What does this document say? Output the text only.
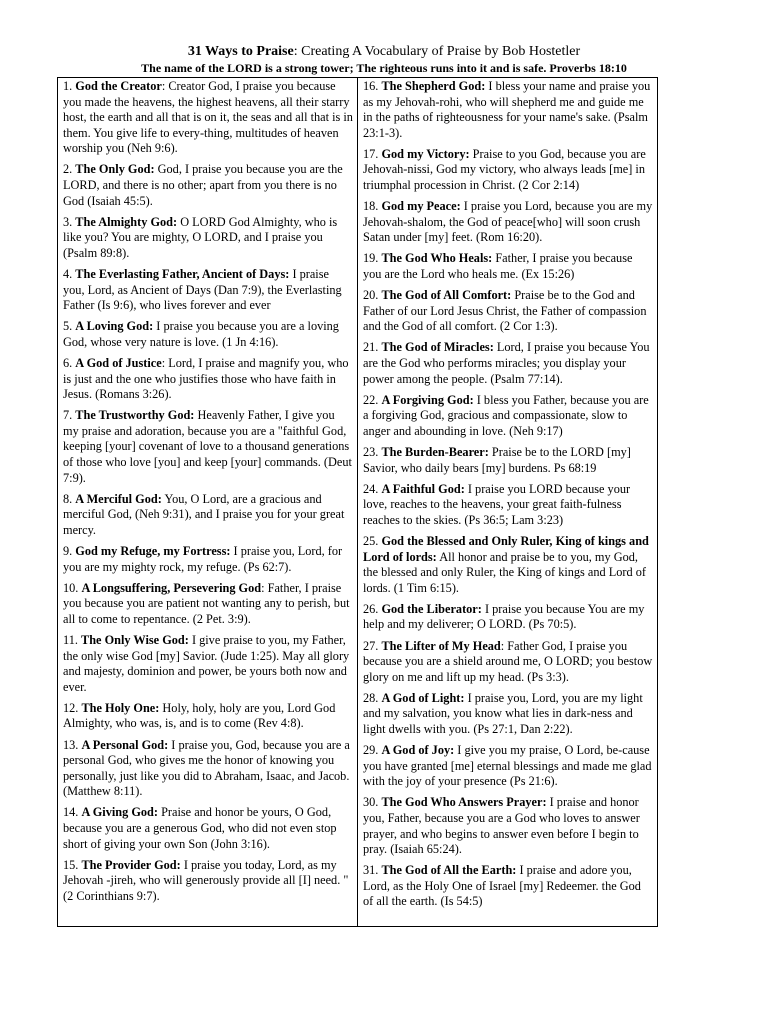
31 Ways to Praise: Creating A Vocabulary of Praise by Bob Hostetler
The name of the LORD is a strong tower; The righteous runs into it and is safe. Proverbs 18:10
1. God the Creator: Creator God, I praise you because you made the heavens, the highest heavens, all their starry host, the earth and all that is on it, the seas and all that is in them. You give life to every-thing, multitudes of heaven worship you (Neh 9:6).
2. The Only God: God, I praise you because you are the LORD, and there is no other; apart from you there is no God (Isaiah 45:5).
3. The Almighty God: O LORD God Almighty, who is like you? You are mighty, O LORD, and I praise you (Psalm 89:8).
4. The Everlasting Father, Ancient of Days: I praise you, Lord, as Ancient of Days (Dan 7:9), the Everlasting Father (Is 9:6), who lives forever and ever
5. A Loving God: I praise you because you are a loving God, whose very nature is love. (1 Jn 4:16).
6. A God of Justice: Lord, I praise and magnify you, who is just and the one who justifies those who have faith in Jesus. (Romans 3:26).
7. The Trustworthy God: Heavenly Father, I give you my praise and adoration, because you are a "faithful God, keeping [your] covenant of love to a thousand generations of those who love [you] and keep [your] commands. (Deut 7:9).
8. A Merciful God: You, O Lord, are a gracious and merciful God, (Neh 9:31), and I praise you for your great mercy.
9. God my Refuge, my Fortress: I praise you, Lord, for you are my mighty rock, my refuge. (Ps 62:7).
10. A Longsuffering, Persevering God: Father, I praise you because you are patient not wanting any to perish, but all to come to repentance. (2 Pet. 3:9).
11. The Only Wise God: I give praise to you, my Father, the only wise God [my] Savior. (Jude 1:25). May all glory and majesty, dominion and power, be yours both now and ever.
12. The Holy One: Holy, holy, holy are you, Lord God Almighty, who was, is, and is to come (Rev 4:8).
13. A Personal God: I praise you, God, because you are a personal God, who gives me the honor of knowing you personally, just like you did to Abraham, Isaac, and Jacob. (Matthew 8:11).
14. A Giving God: Praise and honor be yours, O God, because you are a generous God, who did not even stop short of giving your own Son (John 3:16).
15. The Provider God: I praise you today, Lord, as my Jehovah -jireh, who will generously provide all [I] need. " (2 Corinthians 9:7).
16. The Shepherd God: I bless your name and praise you as my Jehovah-rohi, who will shepherd me and guide me in the paths of righteousness for your name's sake. (Psalm 23:1-3).
17. God my Victory: Praise to you God, because you are Jehovah-nissi, God my victory, who always leads [me] in triumphal procession in Christ. (2 Cor 2:14)
18. God my Peace: I praise you Lord, because you are my Jehovah-shalom, the God of peace[who] will soon crush Satan under [my] feet. (Rom 16:20).
19. The God Who Heals: Father, I praise you because you are the Lord who heals me. (Ex 15:26)
20. The God of All Comfort: Praise be to the God and Father of our Lord Jesus Christ, the Father of compassion and the God of all comfort. (2 Cor 1:3).
21. The God of Miracles: Lord, I praise you because You are the God who performs miracles; you display your power among the people. (Psalm 77:14).
22. A Forgiving God: I bless you Father, because you are a forgiving God, gracious and compassionate, slow to anger and abounding in love. (Neh 9:17)
23. The Burden-Bearer: Praise be to the LORD [my] Savior, who daily bears [my] burdens. Ps 68:19
24. A Faithful God: I praise you LORD because your love, reaches to the heavens, your great faith-fulness reaches to the skies. (Ps 36:5; Lam 3:23)
25. God the Blessed and Only Ruler, King of kings and Lord of lords: All honor and praise be to you, my God, the blessed and only Ruler, the King of kings and Lord of lords. (1 Tim 6:15).
26. God the Liberator: I praise you because You are my help and my deliverer; O LORD. (Ps 70:5).
27. The Lifter of My Head: Father God, I praise you because you are a shield around me, O LORD; you bestow glory on me and lift up my head. (Ps 3:3).
28. A God of Light: I praise you, Lord, you are my light and my salvation, you know what lies in dark-ness and light dwells with you. (Ps 27:1, Dan 2:22).
29. A God of Joy: I give you my praise, O Lord, be-cause you have granted [me] eternal blessings and made me glad with the joy of your presence (Ps 21:6).
30. The God Who Answers Prayer: I praise and honor you, Father, because you are a God who loves to answer prayer, and who begins to answer even before I begin to pray. (Isaiah 65:24).
31. The God of All the Earth: I praise and adore you, Lord, as the Holy One of Israel [my] Redeemer. the God of all the earth. (Is 54:5)
